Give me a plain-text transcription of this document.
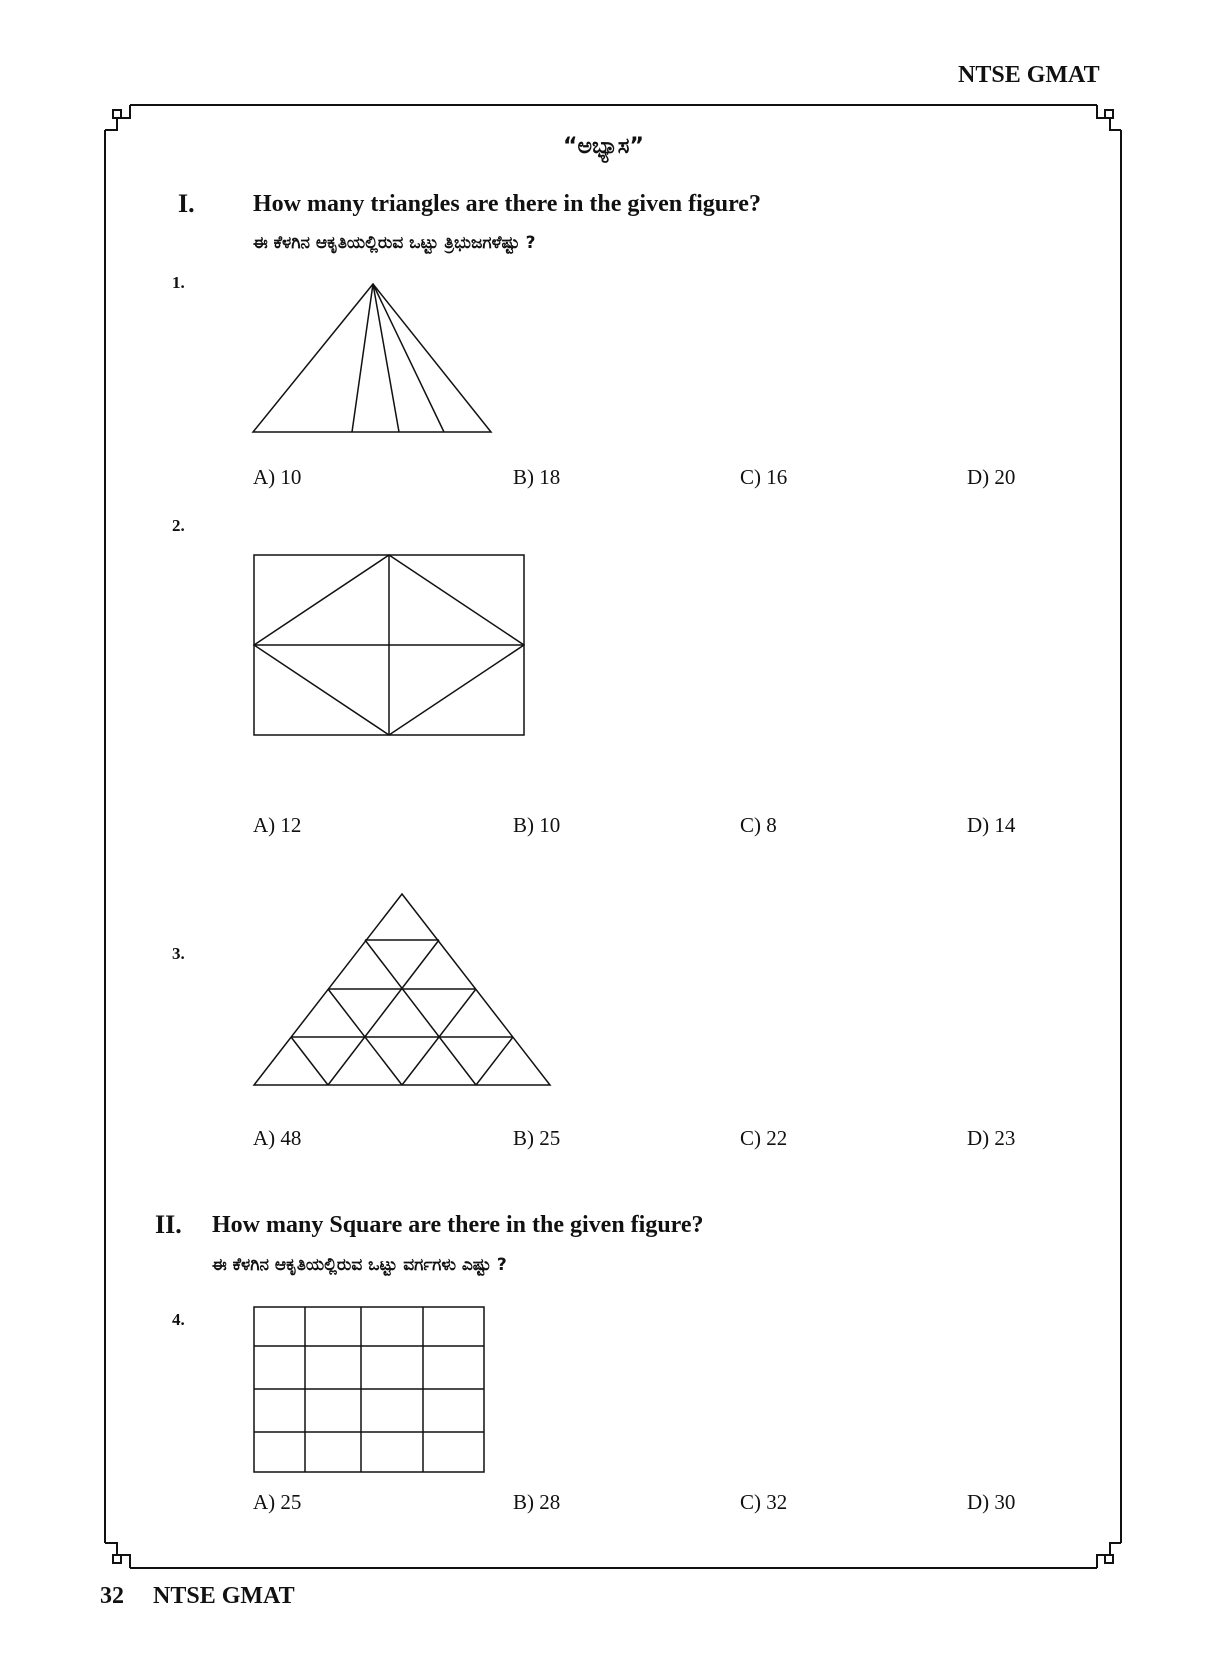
NTSE GMAT
“ಅಭ್ಯಾಸ”
I. How many triangles are there in the given figure?
ಈ ಕೆಳಗಿನ ಆಕೃತಿಯಲ್ಲಿರುವ ಒಟ್ಟು ತ್ರಿಭುಜಗಳೆಷ್ಟು ?
1.
A) 10	B) 18	C) 16	D) 20
2.
A) 12	B) 10	C) 8	D) 14
3.
A) 48	B) 25	C) 22	D) 23
II. How many Square are there in the given figure?
ಈ ಕೆಳಗಿನ ಆಕೃತಿಯಲ್ಲಿರುವ ಒಟ್ಟು ವರ್ಗಗಳು ಎಷ್ಟು ?
4.
A) 25	B) 28	C) 32	D) 30
32 NTSE GMAT
